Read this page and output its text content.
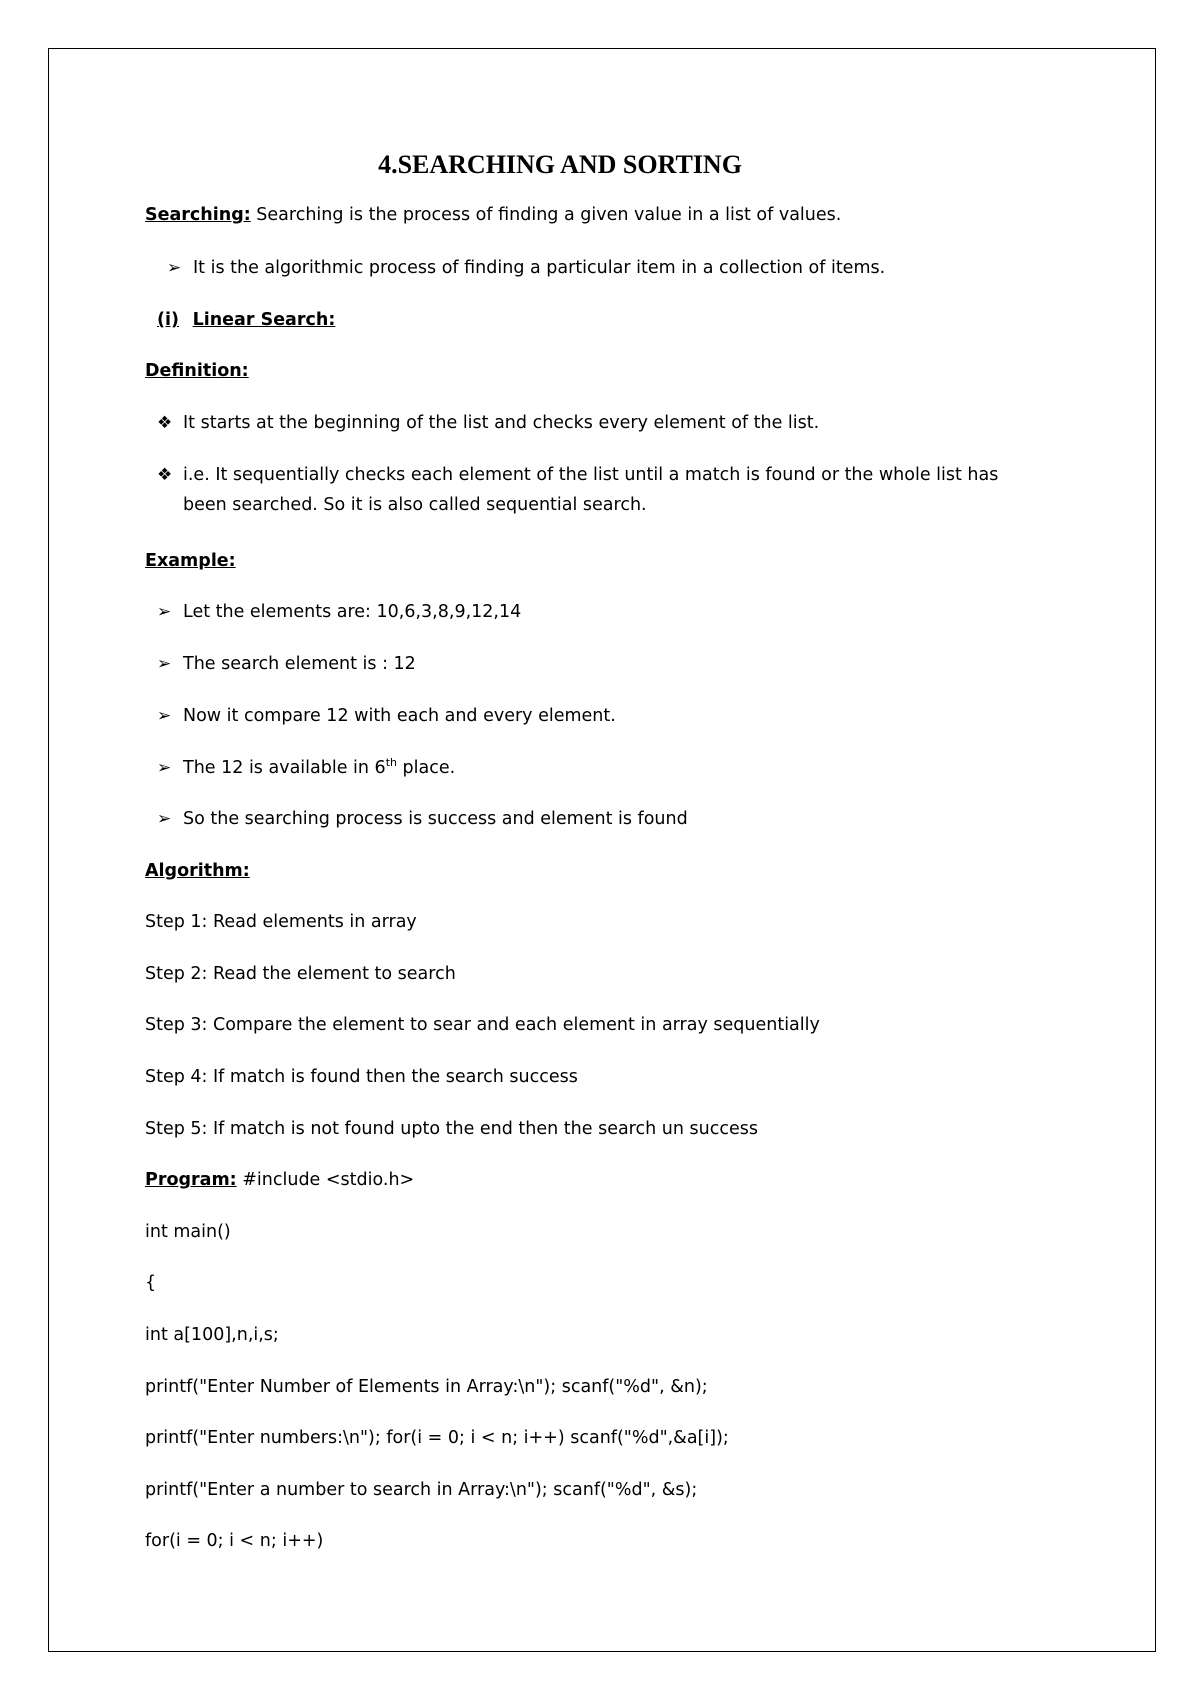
4.SEARCHING AND SORTING
Searching: Searching is the process of finding a given value in a list of values.
➢ It is the algorithmic process of finding a particular item in a collection of items.
(i) Linear Search:
Definition:
❖ It starts at the beginning of the list and checks every element of the list.
❖ i.e. It sequentially checks each element of the list until a match is found or the whole list has
been searched. So it is also called sequential search.
Example:
➢ Let the elements are: 10,6,3,8,9,12,14
➢ The search element is : 12
➢ Now it compare 12 with each and every element.
➢ The 12 is available in 6th place.
➢ So the searching process is success and element is found
Algorithm:
Step 1: Read elements in array
Step 2: Read the element to search
Step 3: Compare the element to sear and each element in array sequentially
Step 4: If match is found then the search success
Step 5: If match is not found upto the end then the search un success
Program: #include <stdio.h>
int main()
{
int a[100],n,i,s;
printf("Enter Number of Elements in Array:\n"); scanf("%d", &n);
printf("Enter numbers:\n"); for(i = 0; i < n; i++) scanf("%d",&a[i]);
printf("Enter a number to search in Array:\n"); scanf("%d", &s);
for(i = 0; i < n; i++)
